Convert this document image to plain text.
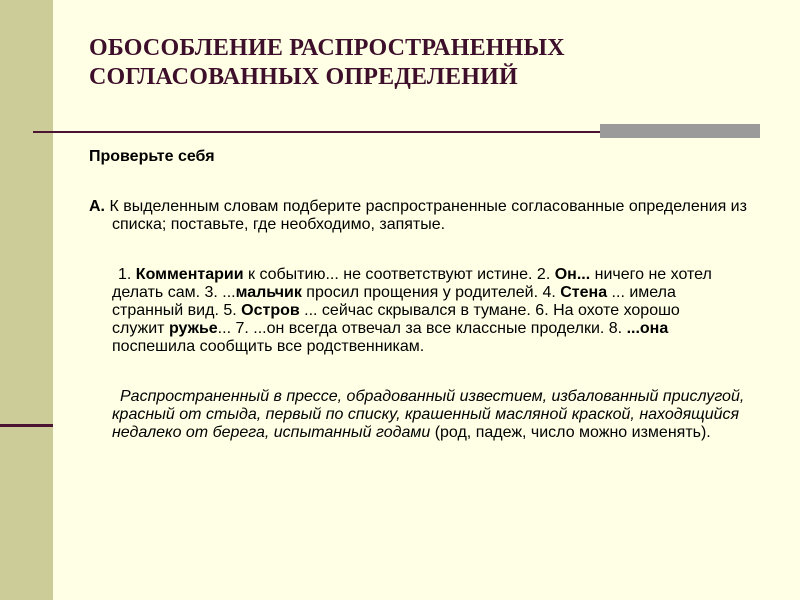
ОБОСОБЛЕНИЕ РАСПРОСТРАНЕННЫХ СОГЛАСОВАННЫХ ОПРЕДЕЛЕНИЙ

Проверьте себя

А. К выделенным словам подберите распространенные согласованные определения из списка; поставьте, где необходимо, запятые.

1. Комментарии к событию... не соответствуют истине. 2. Он... ничего не хотел делать сам. 3. ...мальчик просил прощения у родителей. 4. Стена ... имела странный вид. 5. Остров ... сейчас скрывался в тумане. 6. На охоте хорошо служит ружье... 7. ...он всегда отвечал за все классные проделки. 8. ...она поспешила сообщить все родственникам.

Распространенный в прессе, обрадованный известием, избалованный прислугой, красный от стыда, первый по списку, крашенный масляной краской, находящийся недалеко от берега, испытанный годами (род, падеж, число можно изменять).
